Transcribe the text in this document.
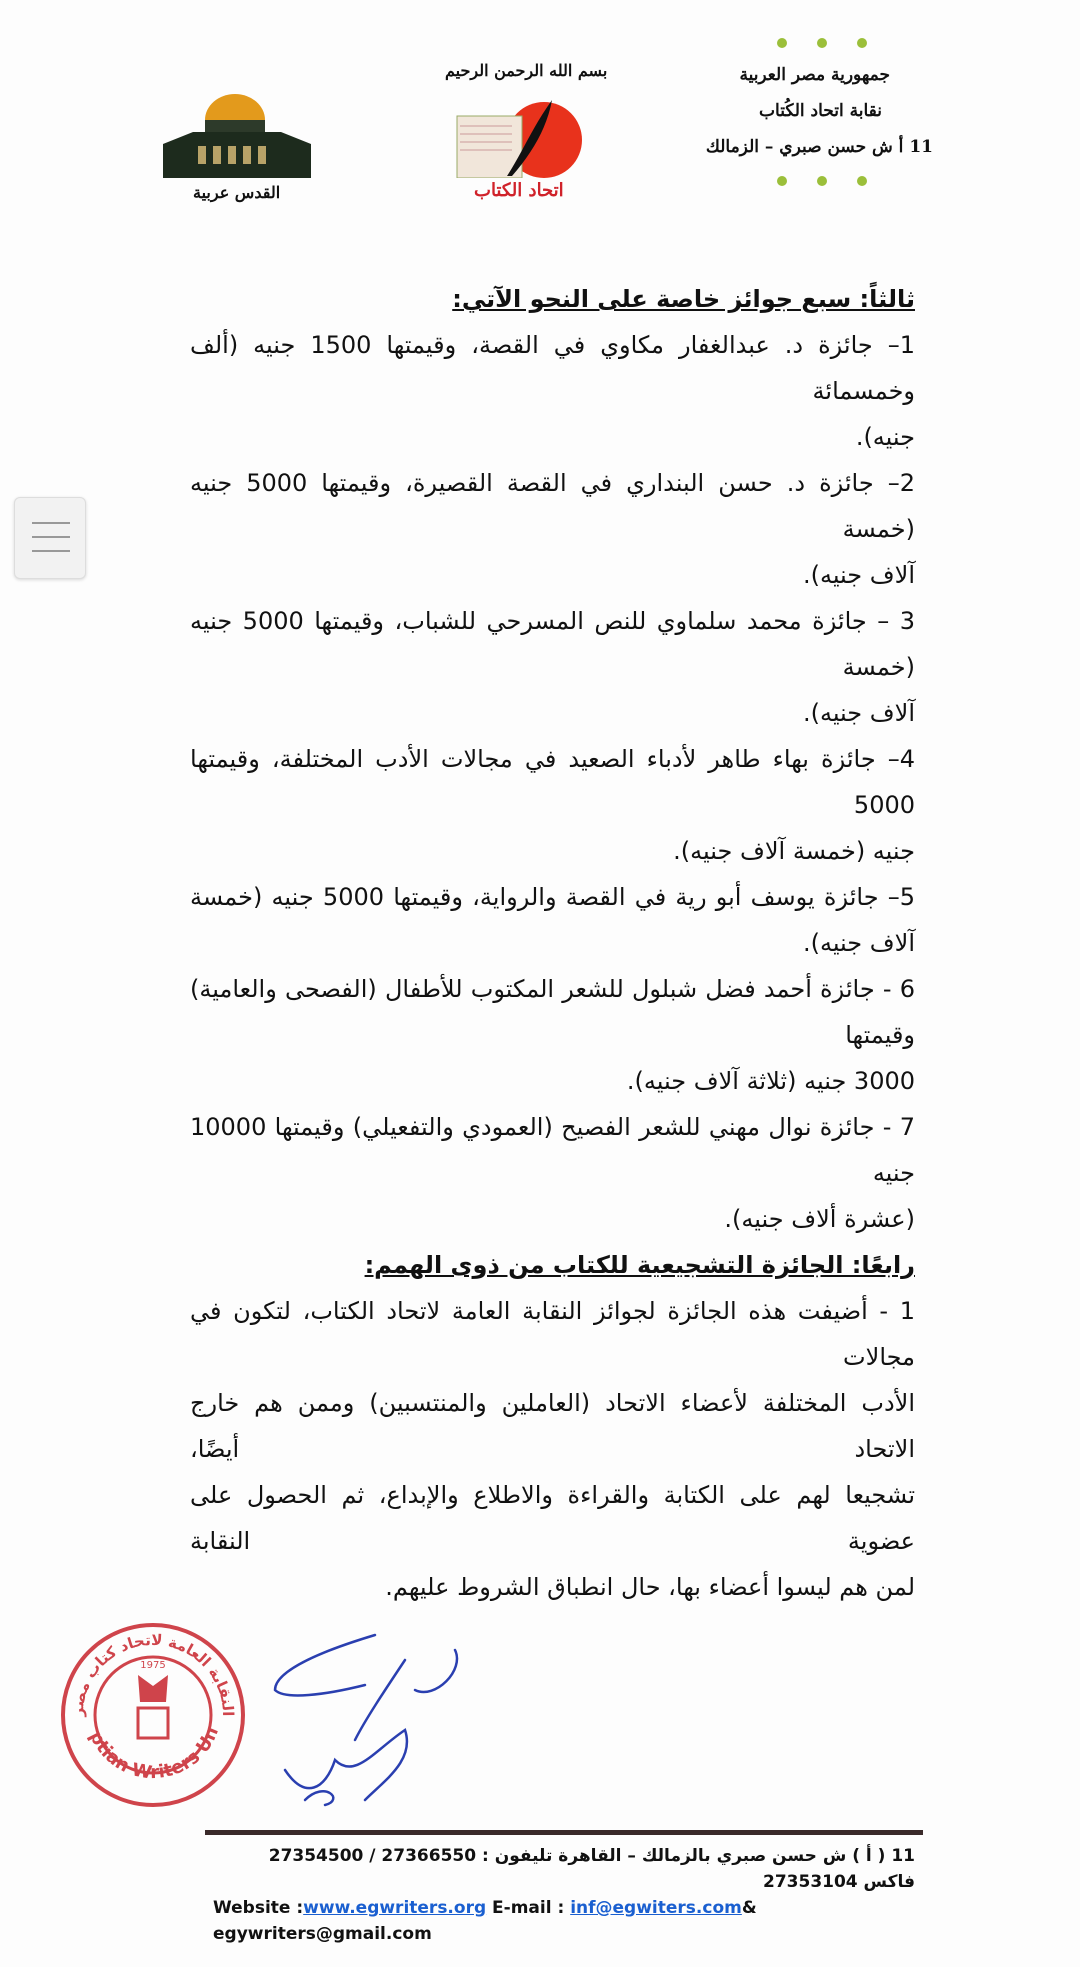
جمهورية مصر العربية
نقابة اتحاد الكُتاب
11 أ ش حسن صبري – الزمالك
بسم الله الرحمن الرحيم
اتحاد الكتاب
القدس عربية
ثالثاً: سبع جوائز خاصة على النحو الآتي:
1– جائزة د. عبدالغفار مكاوي في القصة، وقيمتها 1500 جنيه (ألف وخمسمائة
جنيه).
2– جائزة د. حسن البنداري في القصة القصيرة، وقيمتها 5000 جنيه (خمسة
آلاف جنيه).
3 – جائزة محمد سلماوي للنص المسرحي للشباب، وقيمتها 5000 جنيه (خمسة
آلاف جنيه).
4– جائزة بهاء طاهر لأدباء الصعيد في مجالات الأدب المختلفة، وقيمتها 5000
جنيه (خمسة آلاف جنيه).
5– جائزة يوسف أبو رية في القصة والرواية، وقيمتها 5000 جنيه (خمسة
آلاف جنيه).
6 - جائزة أحمد فضل شبلول للشعر المكتوب للأطفال (الفصحى والعامية) وقيمتها
3000 جنيه (ثلاثة آلاف جنيه).
7 - جائزة نوال مهني للشعر الفصيح (العمودي والتفعيلي) وقيمتها 10000 جنيه
(عشرة ألاف جنيه).
رابعًا: الجائزة التشجيعية للكتاب من ذوى الهمم:
1 - أضيفت هذه الجائزة لجوائز النقابة العامة لاتحاد الكتاب، لتكون في مجالات
الأدب المختلفة لأعضاء الاتحاد (العاملين والمنتسبين) وممن هم خارج الاتحاد أيضًا،
تشجيعا لهم على الكتابة والقراءة والاطلاع والإبداع، ثم الحصول على عضوية النقابة
لمن هم ليسوا أعضاء بها، حال انطباق الشروط عليهم.
النقابة العامة لاتحاد كتاب مصر
ptian Writers Un
1975
11 ( أ ) ش حسن صبري بالزمالك – القاهرة تليفون : 27366550 / 27354500 فاكس 27353104
Website :www.egwriters.org E-mail : inf@egwiters.com& egywriters@gmail.com
